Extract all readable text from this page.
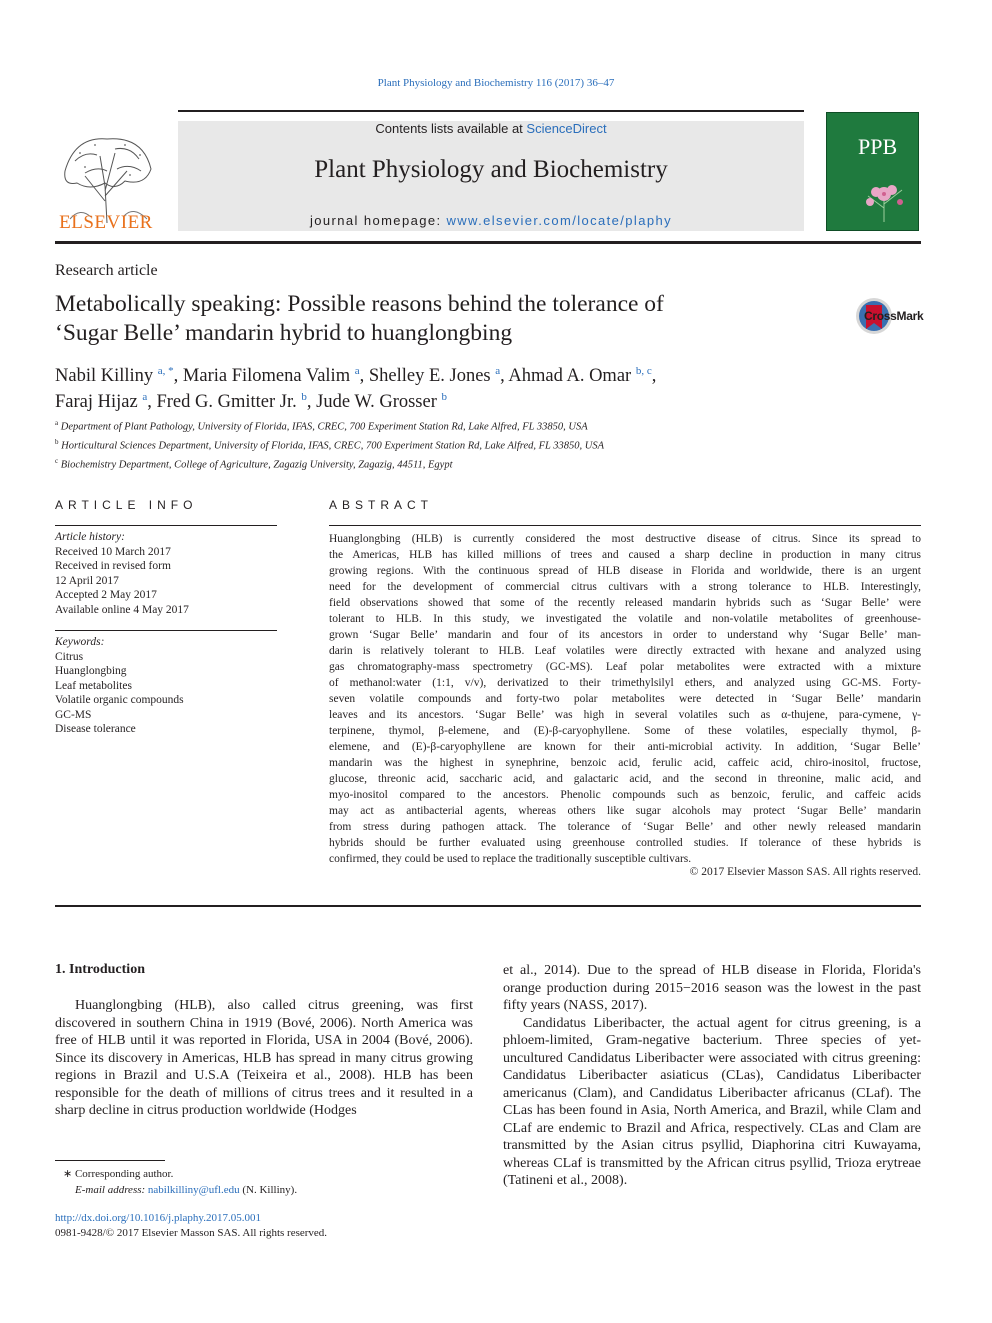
Plant Physiology and Biochemistry 116 (2017) 36–47
ELSEVIER
Contents lists available at ScienceDirect
Plant Physiology and Biochemistry
journal homepage: www.elsevier.com/locate/plaphy
PPB
Research article
Metabolically speaking: Possible reasons behind the tolerance of
‘Sugar Belle’ mandarin hybrid to huanglongbing
CrossMark
Nabil Killiny $^{a, *}$, Maria Filomena Valim $^a$, Shelley E. Jones $^a$, Ahmad A. Omar $^{b, c}$,
Faraj Hijaz $^a$, Fred G. Gmitter Jr. $^b$, Jude W. Grosser $^b$
$^a$ Department of Plant Pathology, University of Florida, IFAS, CREC, 700 Experiment Station Rd, Lake Alfred, FL 33850, USA
$^b$ Horticultural Sciences Department, University of Florida, IFAS, CREC, 700 Experiment Station Rd, Lake Alfred, FL 33850, USA
$^c$ Biochemistry Department, College of Agriculture, Zagazig University, Zagazig, 44511, Egypt
ARTICLE INFO
Article history:
Received 10 March 2017
Received in revised form
12 April 2017
Accepted 2 May 2017
Available online 4 May 2017
Keywords:
Citrus
Huanglongbing
Leaf metabolites
Volatile organic compounds
GC-MS
Disease tolerance
ABSTRACT
Huanglongbing (HLB) is currently considered the most destructive disease of citrus. Since its spread to
the Americas, HLB has killed millions of trees and caused a sharp decline in production in many citrus
growing regions. With the continuous spread of HLB disease in Florida and worldwide, there is an urgent
need for the development of commercial citrus cultivars with a strong tolerance to HLB. Interestingly,
field observations showed that some of the recently released mandarin hybrids such as ‘Sugar Belle’ were
tolerant to HLB. In this study, we investigated the volatile and non-volatile metabolites of greenhouse-
grown ‘Sugar Belle’ mandarin and four of its ancestors in order to understand why ‘Sugar Belle’ man-
darin is relatively tolerant to HLB. Leaf volatiles were directly extracted with hexane and analyzed using
gas chromatography-mass spectrometry (GC-MS). Leaf polar metabolites were extracted with a mixture
of methanol:water (1:1, v/v), derivatized to their trimethylsilyl ethers, and analyzed using GC-MS. Forty-
seven volatile compounds and forty-two polar metabolites were detected in ‘Sugar Belle’ mandarin
leaves and its ancestors. ‘Sugar Belle’ was high in several volatiles such as α-thujene, para-cymene, γ-
terpinene, thymol, β-elemene, and (E)-β-caryophyllene. Some of these volatiles, especially thymol, β-
elemene, and (E)-β-caryophyllene are known for their anti-microbial activity. In addition, ‘Sugar Belle’
mandarin was the highest in synephrine, benzoic acid, ferulic acid, caffeic acid, chiro-inositol, fructose,
glucose, threonic acid, saccharic acid, and galactaric acid, and the second in threonine, malic acid, and
myo-inositol compared to the ancestors. Phenolic compounds such as benzoic, ferulic, and caffeic acids
may act as antibacterial agents, whereas others like sugar alcohols may protect ‘Sugar Belle’ mandarin
from stress during pathogen attack. The tolerance of ‘Sugar Belle’ and other newly released mandarin
hybrids should be further evaluated using greenhouse controlled studies. If tolerance of these hybrids is
confirmed, they could be used to replace the traditionally susceptible cultivars.
© 2017 Elsevier Masson SAS. All rights reserved.
1. Introduction

Huanglongbing (HLB), also called citrus greening, was first discovered in southern China in 1919 (Bové, 2006). North America was free of HLB until it was reported in Florida, USA in 2004 (Bové, 2006). Since its discovery in Americas, HLB has spread in many citrus growing regions in Brazil and U.S.A (Teixeira et al., 2008). HLB has been responsible for the death of millions of citrus trees and it resulted in a sharp decline in citrus production worldwide (Hodges

et al., 2014). Due to the spread of HLB disease in Florida, Florida's orange production during 2015−2016 season was the lowest in the past fifty years (NASS, 2017).

Candidatus Liberibacter, the actual agent for citrus greening, is a phloem-limited, Gram-negative bacterium. Three species of yet-uncultured Candidatus Liberibacter were associated with citrus greening: Candidatus Liberibacter asiaticus (CLas), Candidatus Liberibacter americanus (Clam), and Candidatus Liberibacter africanus (CLaf). The CLas has been found in Asia, North America, and Brazil, while Clam and CLaf are endemic to Brazil and Africa, respectively. CLas and Clam are transmitted by the Asian citrus psyllid, Diaphorina citri Kuwayama, whereas CLaf is transmitted by the African citrus psyllid, Trioza erytreae (Tatineni et al., 2008).

∗ Corresponding author.
E-mail address: nabilkilliny@ufl.edu (N. Killiny).
http://dx.doi.org/10.1016/j.plaphy.2017.05.001
0981-9428/© 2017 Elsevier Masson SAS. All rights reserved.
